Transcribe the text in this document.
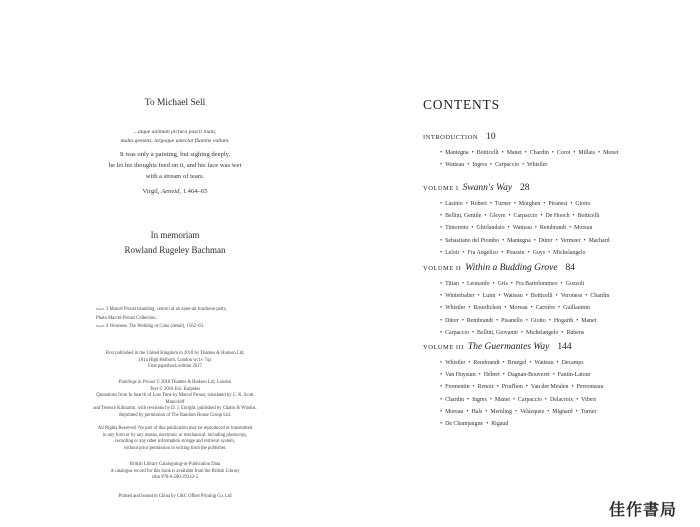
To Michael Sell
...atque animum pictura pascit inani,
multa gemens, largoque umectat flumine vultum.
It was only a painting, but sighing deeply,
he let his thoughts feed on it, and his face was wet
with a stream of tears.
Virgil, Aeneid, 1.464–65
In memoriam
Rowland Rugeley Bachman
page 3 Marcel Proust (standing, centre) at an open-air luncheon party.
Photo Marcel-Proust Collection.
page 4 Veronese, The Wedding at Cana (detail), 1562–63.

First published in the United Kingdom in 2018 by Thames & Hudson Ltd,

181a High Holborn, London wc1v 7qx

First paperback edition 2017

Paintings in Proust © 2018 Thames & Hudson Ltd, London

Text © 2018 Eric Karpeles

Quotations from In Search of Lost Time by Marcel Proust, translated by C. K. Scott Moncrieff

and Terence Kilmartin, with revisions by D. J. Enright, published by Chatto & Windus.

Reprinted by permission of The Random House Group Ltd.

All Rights Reserved. No part of this publication may be reproduced or transmitted

in any form or by any means, electronic or mechanical, including photocopy,

recording or any other information storage and retrieval system,

without prior permission in writing from the publisher.

British Library Cataloguing-in-Publication Data

A catalogue record for this book is available from the British Library

isbn 978-0-500-29342-3

Printed and bound in China by C&C Offset Printing Co. Ltd

CONTENTS
INTRODUCTION 10
• Mantegna • Botticelli • Manet • Chardin • Corot • Millais • Monet
• Watteau • Ingres • Carpaccio • Whistler
VOLUME I Swann's Way 28
• Lasinio • Robert • Turner • Morghen • Piranesi • Giotto
• Bellini, Gentile • Gleyre • Carpaccio • De Hooch • Botticelli
• Tintoretto • Ghirlandaio • Watteau • Rembrandt • Moreau
• Sebastiano del Piombo • Mantegna • Dürer • Vermeer • Machard
• Leloir • Fra Angelico • Poussin • Guys • Michelangelo
VOLUME II Within a Budding Grove 84
• Titian • Leonardo • Gris • Fra Bartolommeo • Gozzoli
• Winterhalter • Luini • Watteau • Botticelli • Veronese • Chardin
• Whistler • Bourdichon • Moreau • Carrière • Guillaumin
• Dürer • Rembrandt • Pisanello • Giotto • Hogarth • Manet
• Carpaccio • Bellini, Giovanni • Michelangelo • Rubens
VOLUME III The Guermantes Way 144
• Whistler • Rembrandt • Bruegel • Watteau • Decamps
• Van Huysum • Hébert • Dagnan-Bouveret • Fantin-Latour
• Fromentin • Renoir • Prud'hon • Van der Meulen • Perronneau
• Chardin • Ingres • Manet • Carpaccio • Delacroix • Vibert
• Moreau • Hals • Memling • Velázquez • Mignard • Turner
• De Champaigne • Rigaud
佳作書局
